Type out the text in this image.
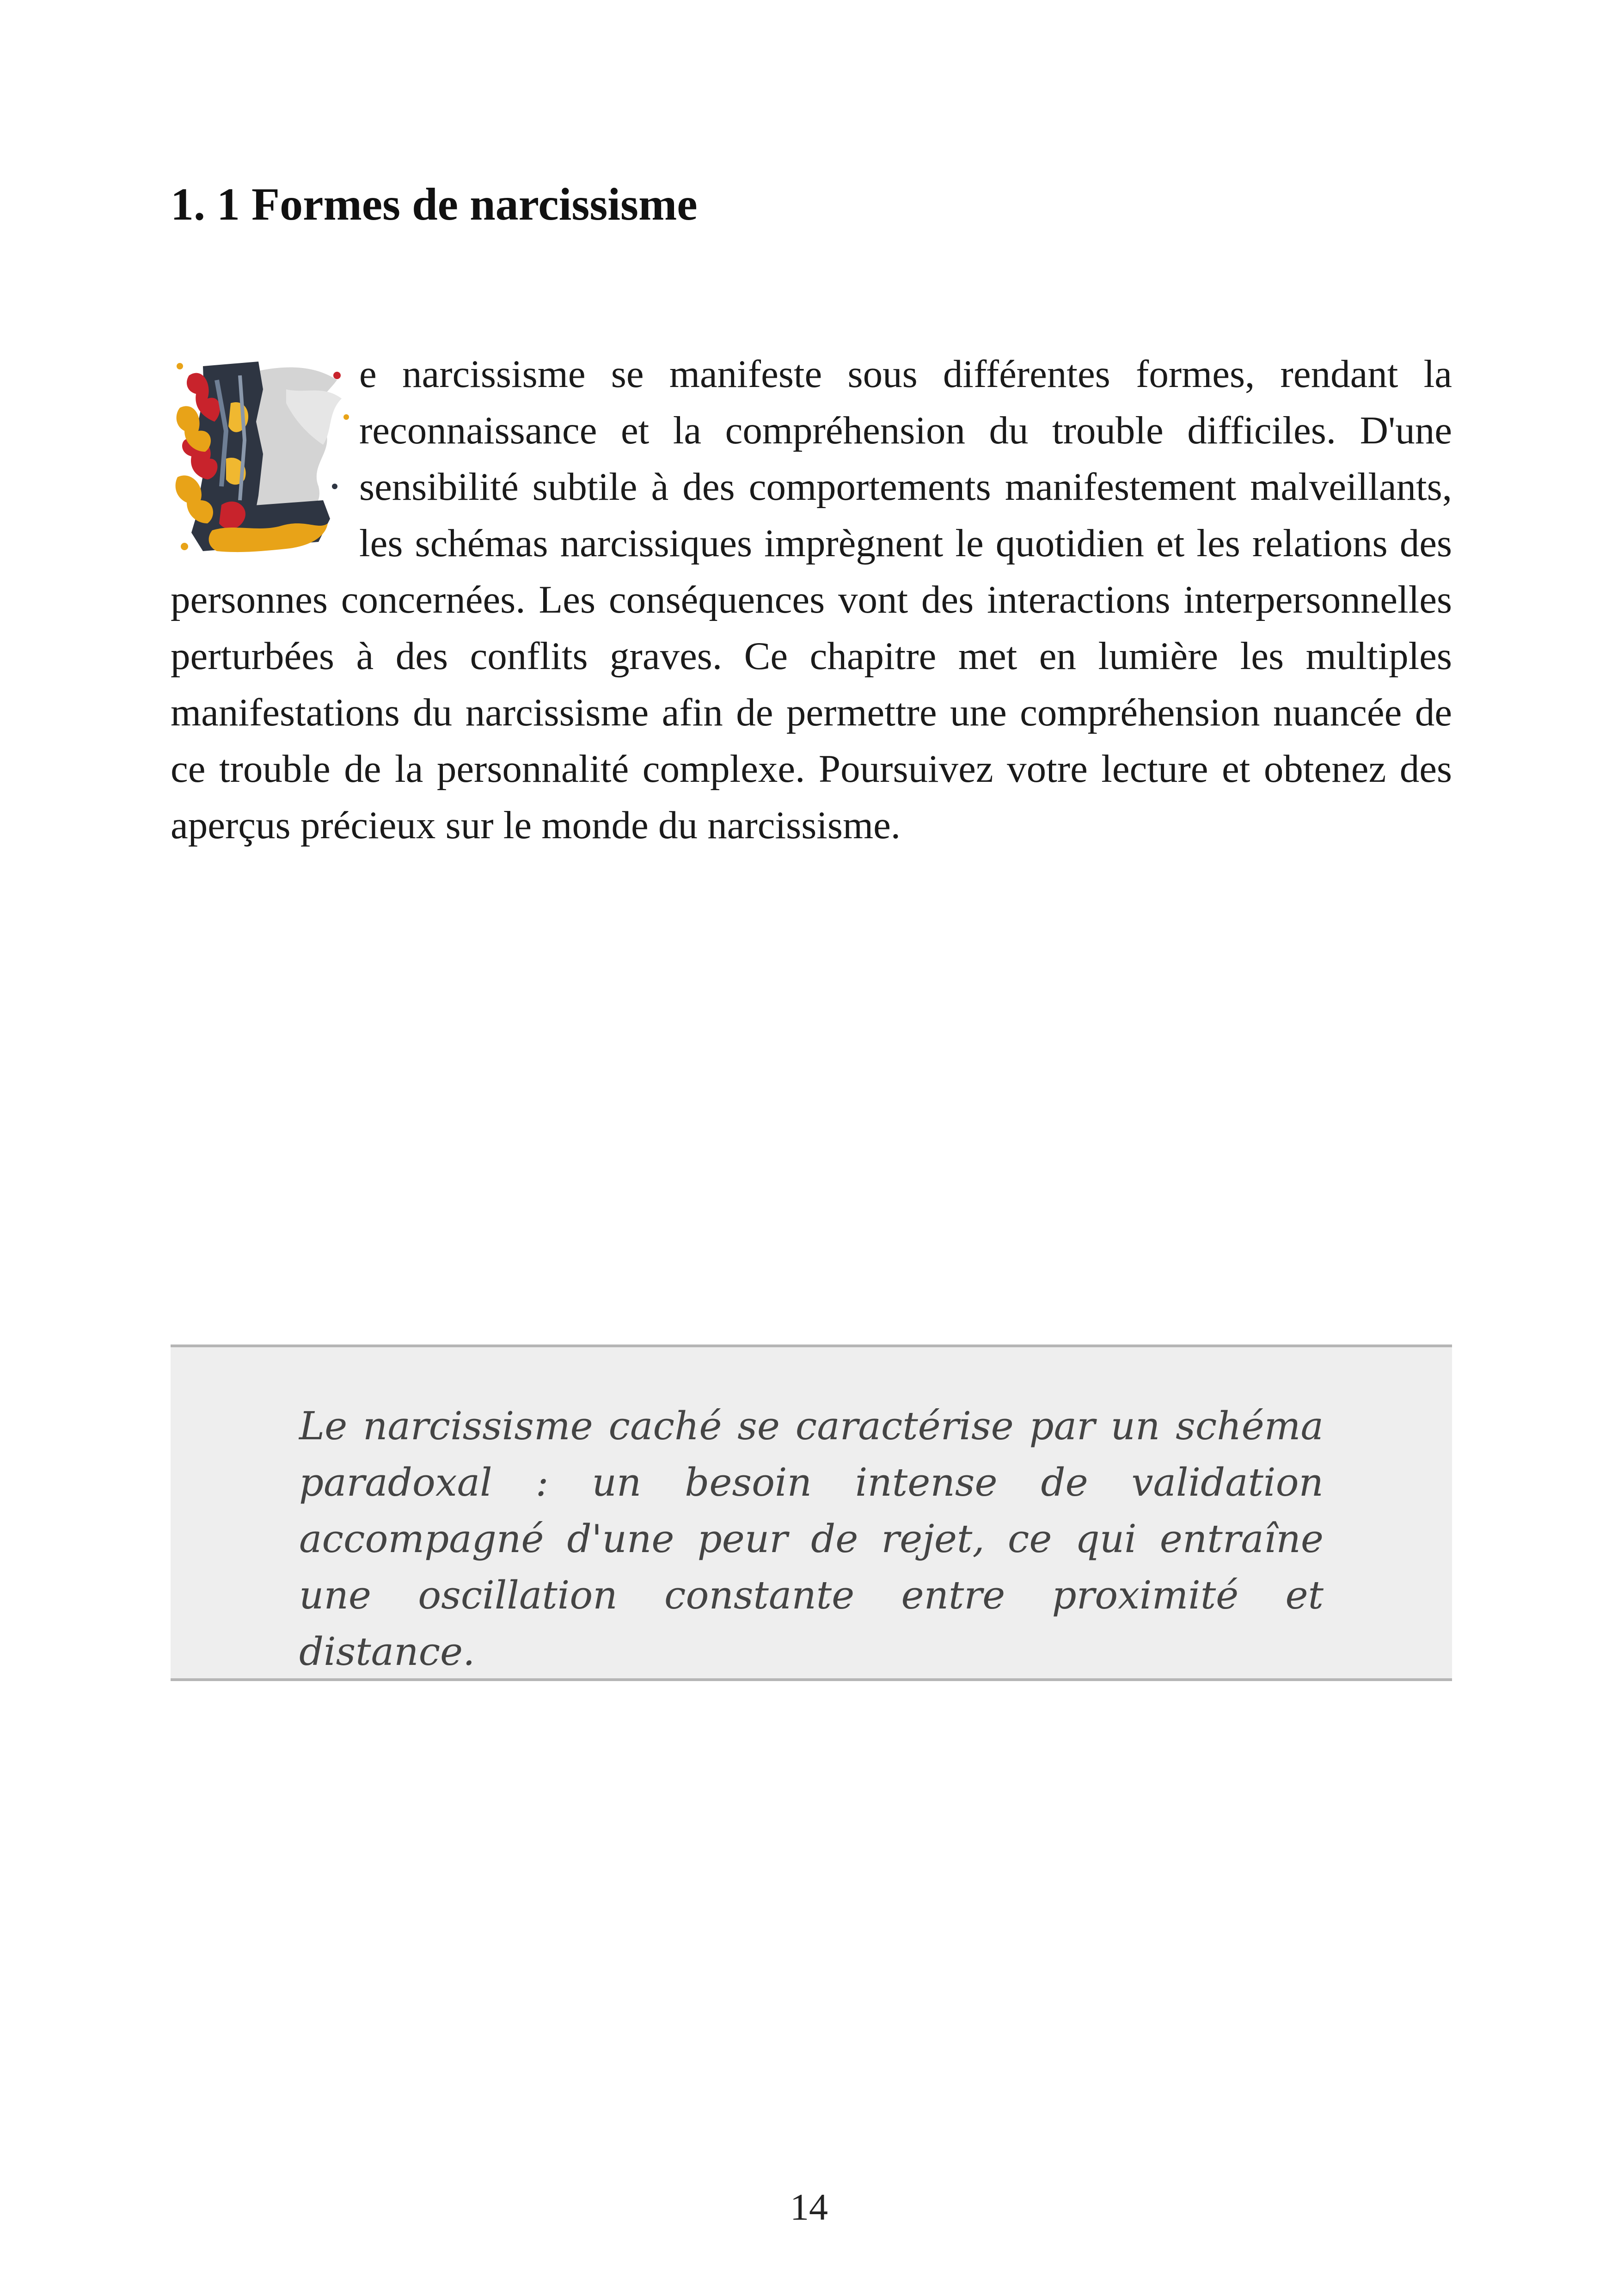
1. 1 Formes de narcissisme

e narcissisme se manifeste sous différentes formes, rendant la reconnaissance et la compréhension du trouble difficiles. D'une sensibilité subtile à des comportements manifestement malveillants, les schémas narcissiques imprègnent le quotidien et les relations des personnes concernées. Les conséquences vont des interactions interpersonnelles perturbées à des conflits graves. Ce chapitre met en lumière les multiples manifestations du narcissisme afin de permettre une compréhension nuancée de ce trouble de la personnalité complexe. Poursuivez votre lecture et obtenez des aperçus précieux sur le monde du narcissisme.

Le narcissisme caché se caractérise par un schéma paradoxal : un besoin intense de validation accompagné d'une peur de rejet, ce qui entraîne une oscillation constante entre proximité et distance.

14
